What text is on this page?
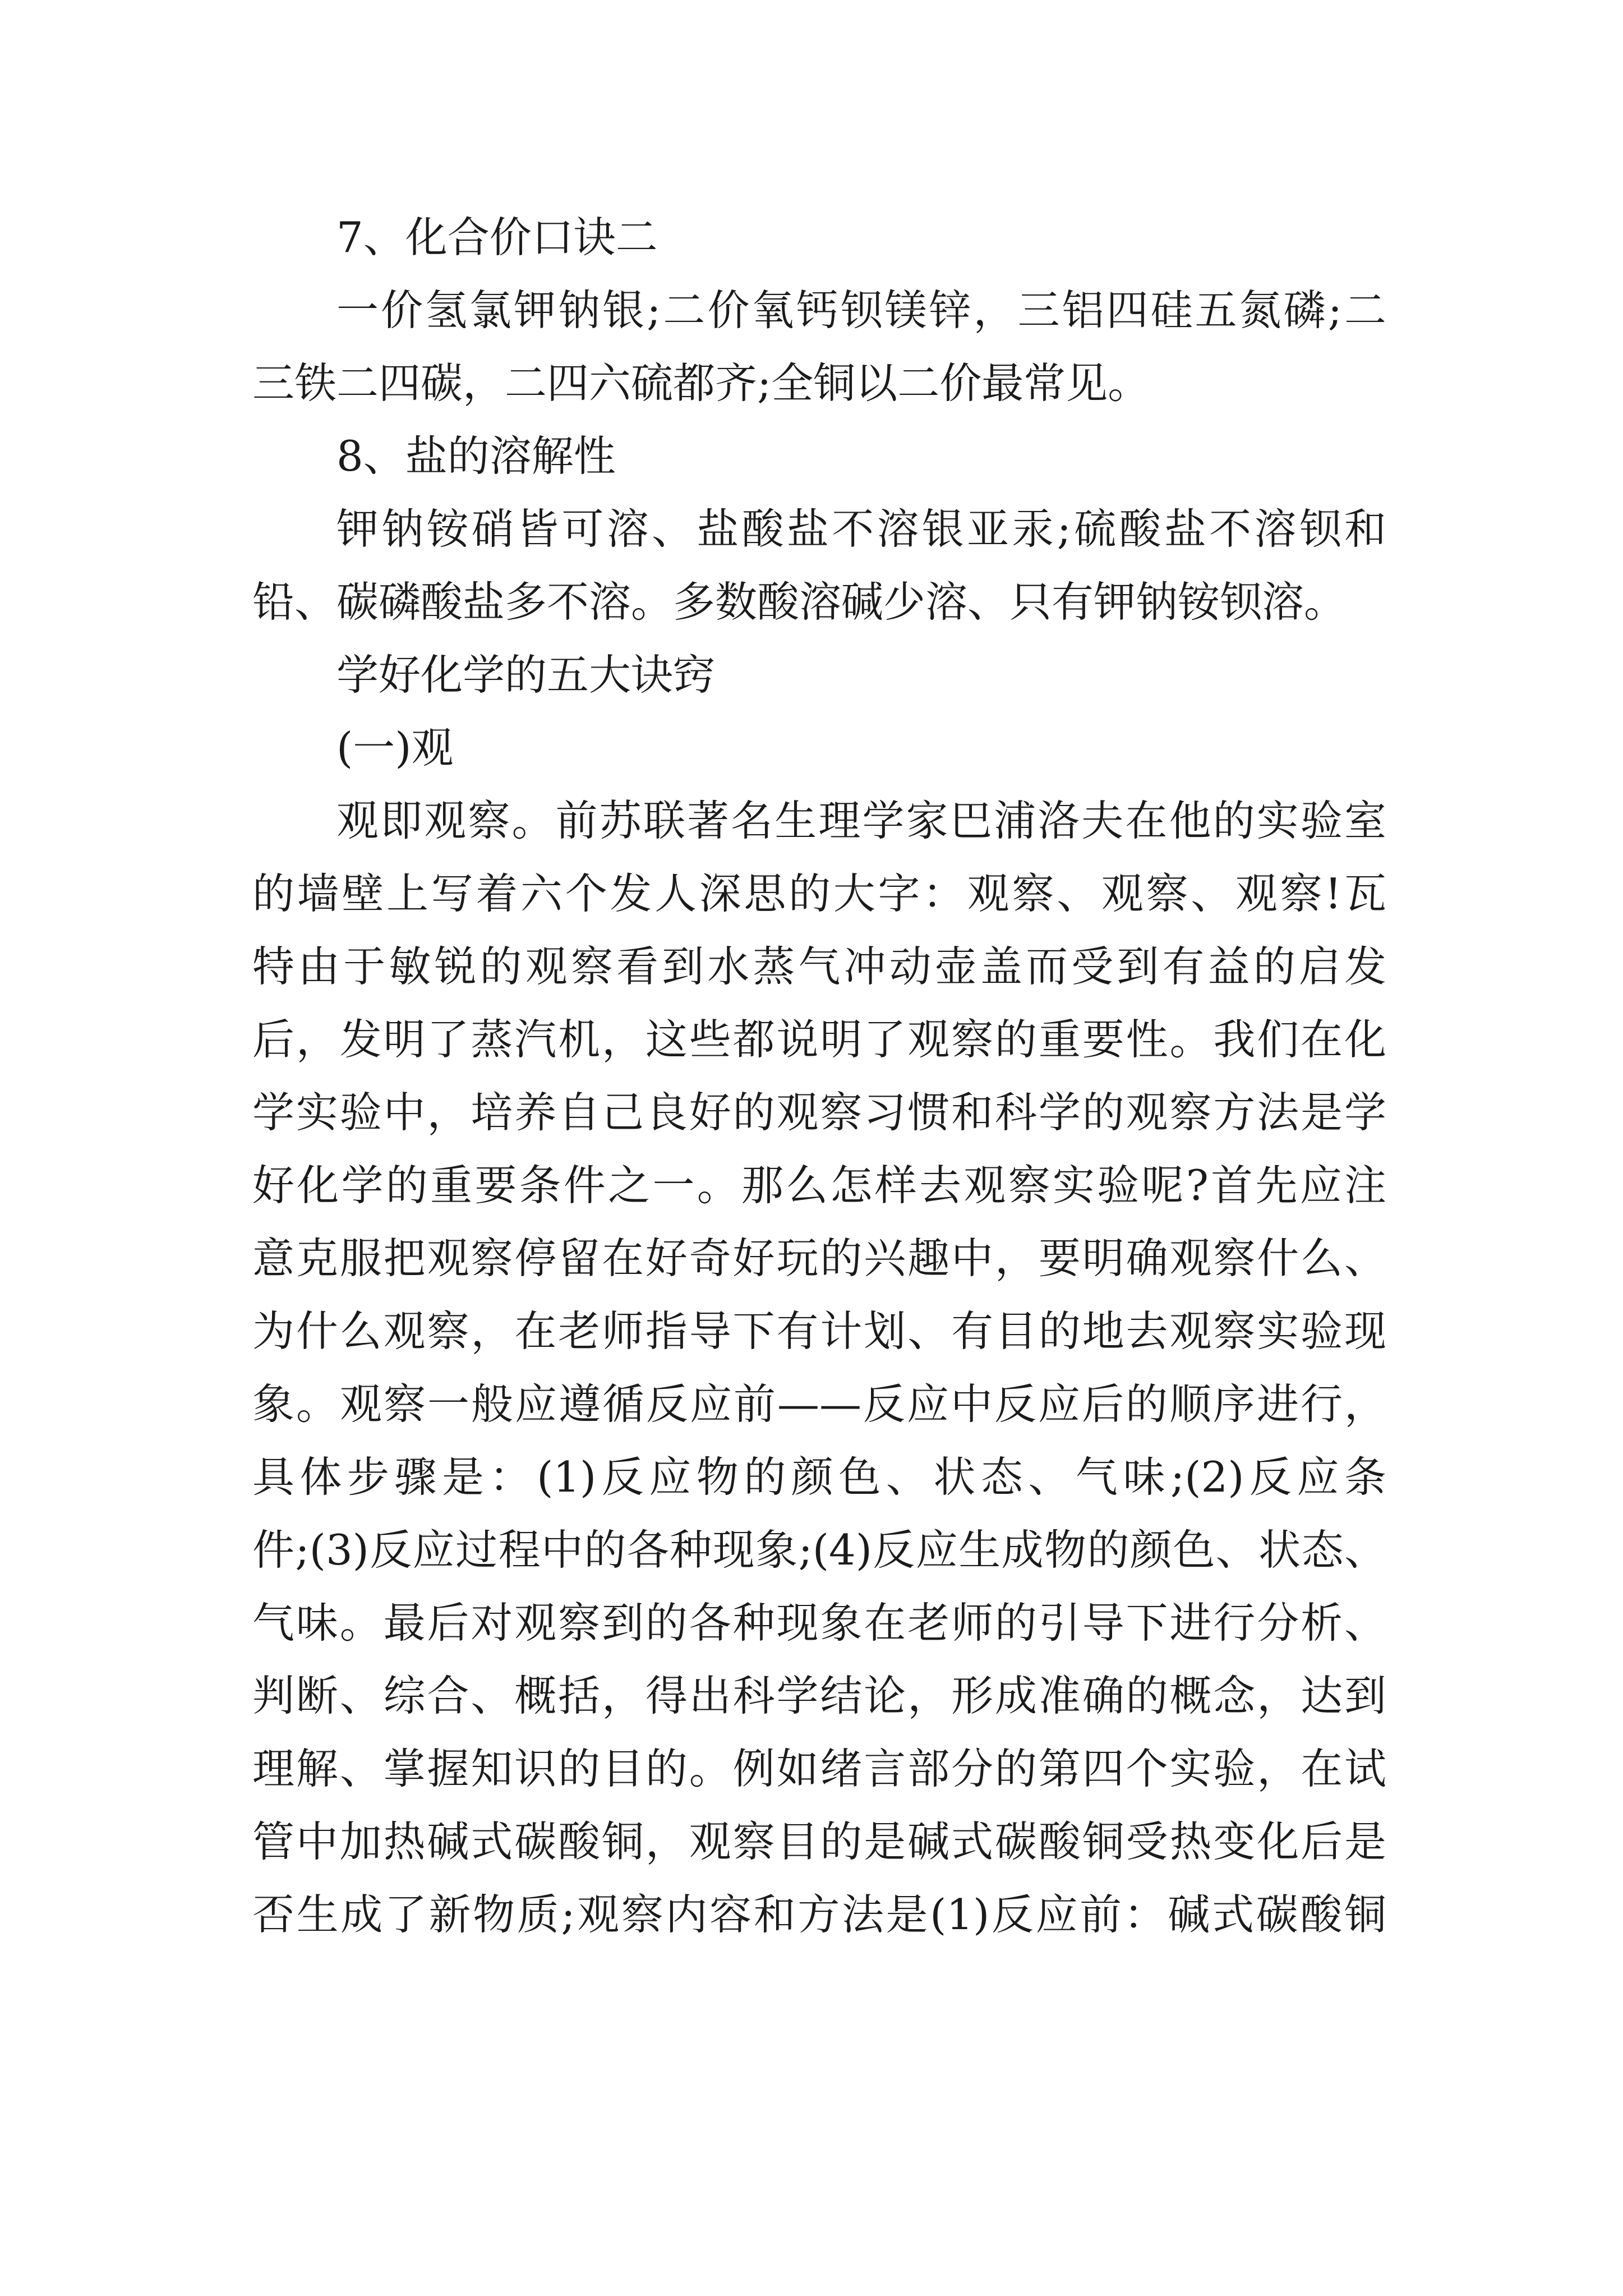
7、化合价口诀二
一价氢氯钾钠银;二价氧钙钡镁锌，三铝四硅五氮磷;二
三铁二四碳，二四六硫都齐;全铜以二价最常见。
8、盐的溶解性
钾钠铵硝皆可溶、盐酸盐不溶银亚汞;硫酸盐不溶钡和
铅、碳磷酸盐多不溶。多数酸溶碱少溶、只有钾钠铵钡溶。
学好化学的五大诀窍
(一)观
观即观察。前苏联著名生理学家巴浦洛夫在他的实验室
的墙壁上写着六个发人深思的大字：观察、观察、观察!瓦
特由于敏锐的观察看到水蒸气冲动壶盖而受到有益的启发
后，发明了蒸汽机，这些都说明了观察的重要性。我们在化
学实验中，培养自己良好的观察习惯和科学的观察方法是学
好化学的重要条件之一。那么怎样去观察实验呢?首先应注
意克服把观察停留在好奇好玩的兴趣中，要明确观察什么、
为什么观察，在老师指导下有计划、有目的地去观察实验现
象。观察一般应遵循反应前——反应中反应后的顺序进行，
具体步骤是：(1)反应物的颜色、状态、气味;(2)反应条
件;(3)反应过程中的各种现象;(4)反应生成物的颜色、状态、
气味。最后对观察到的各种现象在老师的引导下进行分析、
判断、综合、概括，得出科学结论，形成准确的概念，达到
理解、掌握知识的目的。例如绪言部分的第四个实验，在试
管中加热碱式碳酸铜，观察目的是碱式碳酸铜受热变化后是
否生成了新物质;观察内容和方法是(1)反应前：碱式碳酸铜
